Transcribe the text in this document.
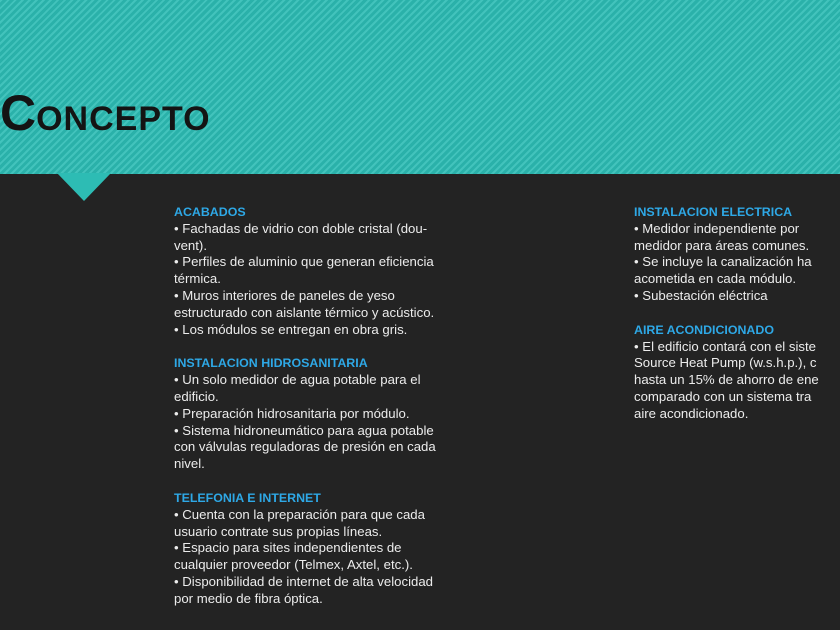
CONCEPTO
ACABADOS
• Fachadas de vidrio con doble cristal (dou-
vent).
• Perfiles de aluminio que generan eficiencia
térmica.
• Muros interiores de paneles de yeso
estructurado con aislante térmico y acústico.
• Los módulos se entregan en obra gris.
INSTALACION HIDROSANITARIA
• Un solo medidor de agua potable para el
edificio.
• Preparación hidrosanitaria por módulo.
• Sistema hidroneumático para agua potable
con válvulas reguladoras de presión en cada
nivel.
TELEFONIA E INTERNET
• Cuenta con la preparación para que cada
usuario contrate sus propias líneas.
• Espacio para sites independientes de
cualquier proveedor (Telmex, Axtel, etc.).
• Disponibilidad de internet de alta velocidad
por medio de fibra óptica.
INSTALACION ELECTRICA
• Medidor independiente por
medidor para áreas comunes.
• Se incluye la canalización ha
acometida en cada módulo.
• Subestación eléctrica
AIRE ACONDICIONADO
• El edificio contará con el siste
Source Heat Pump (w.s.h.p.), c
hasta un 15% de ahorro de ene
comparado con un sistema tra
aire acondicionado.
